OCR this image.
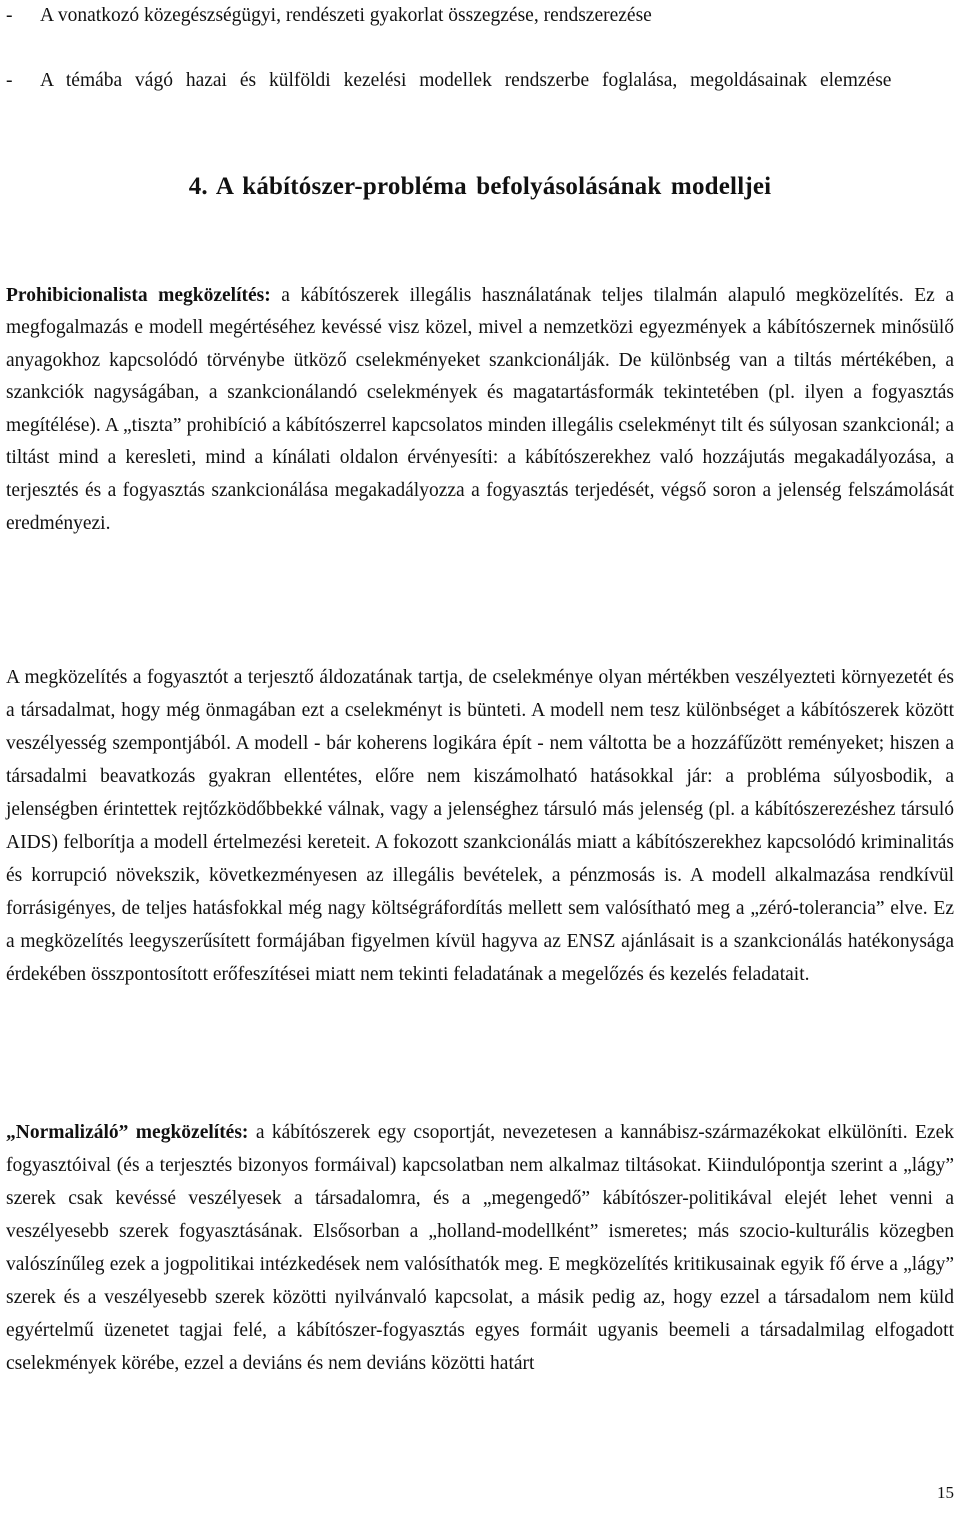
-	A vonatkozó közegészségügyi, rendészeti gyakorlat összegzése, rendszerezése
-	A témába vágó hazai és külföldi kezelési modellek rendszerbe foglalása, megoldásainak elemzése
4. A kábítószer-probléma befolyásolásának modelljei

Prohibicionalista megközelítés: a kábítószerek illegális használatának teljes tilalmán alapuló megközelítés. Ez a megfogalmazás e modell megértéséhez kevéssé visz közel, mivel a nemzetközi egyezmények a kábítószernek minősülő anyagokhoz kapcsolódó törvénybe ütköző cselekményeket szankcionálják. De különbség van a tiltás mértékében, a szankciók nagyságában, a szankcionálandó cselekmények és magatartásformák tekintetében (pl. ilyen a fogyasztás megítélése). A „tiszta” prohibíció a kábítószerrel kapcsolatos minden illegális cselekményt tilt és súlyosan szankcionál; a tiltást mind a keresleti, mind a kínálati oldalon érvényesíti: a kábítószerekhez való hozzájutás megakadályozása, a terjesztés és a fogyasztás szankcionálása megakadályozza a fogyasztás terjedését, végső soron a jelenség felszámolását eredményezi.

A megközelítés a fogyasztót a terjesztő áldozatának tartja, de cselekménye olyan mértékben veszélyezteti környezetét és a társadalmat, hogy még önmagában ezt a cselekményt is bünteti. A modell nem tesz különbséget a kábítószerek között veszélyesség szempontjából. A modell - bár koherens logikára épít - nem váltotta be a hozzáfűzött reményeket; hiszen a társadalmi beavatkozás gyakran ellentétes, előre nem kiszámolható hatásokkal jár: a probléma súlyosbodik, a jelenségben érintettek rejtőzködőbbekké válnak, vagy a jelenséghez társuló más jelenség (pl. a kábítószerezéshez társuló AIDS) felborítja a modell értelmezési kereteit. A fokozott szankcionálás miatt a kábítószerekhez kapcsolódó kriminalitás és korrupció növekszik, következményesen az illegális bevételek, a pénzmosás is. A modell alkalmazása rendkívül forrásigényes, de teljes hatásfokkal még nagy költségráfordítás mellett sem valósítható meg a „zéró-tolerancia” elve. Ez a megközelítés leegyszerűsített formájában figyelmen kívül hagyva az ENSZ ajánlásait is a szankcionálás hatékonysága érdekében összpontosított erőfeszítései miatt nem tekinti feladatának a megelőzés és kezelés feladatait.

„Normalizáló” megközelítés: a kábítószerek egy csoportját, nevezetesen a kannábisz-származékokat elkülöníti. Ezek fogyasztóival (és a terjesztés bizonyos formáival) kapcsolatban nem alkalmaz tiltásokat. Kiindulópontja szerint a „lágy” szerek csak kevéssé veszélyesek a társadalomra, és a „megengedő” kábítószer-politikával elejét lehet venni a veszélyesebb szerek fogyasztásának. Elsősorban a „holland-modellként” ismeretes; más szocio-kulturális közegben valószínűleg ezek a jogpolitikai intézkedések nem valósíthatók meg. E megközelítés kritikusainak egyik fő érve a „lágy” szerek és a veszélyesebb szerek közötti nyilvánvaló kapcsolat, a másik pedig az, hogy ezzel a társadalom nem küld egyértelmű üzenetet tagjai felé, a kábítószer-fogyasztás egyes formáit ugyanis beemeli a társadalmilag elfogadott cselekmények körébe, ezzel a deviáns és nem deviáns közötti határt

15
